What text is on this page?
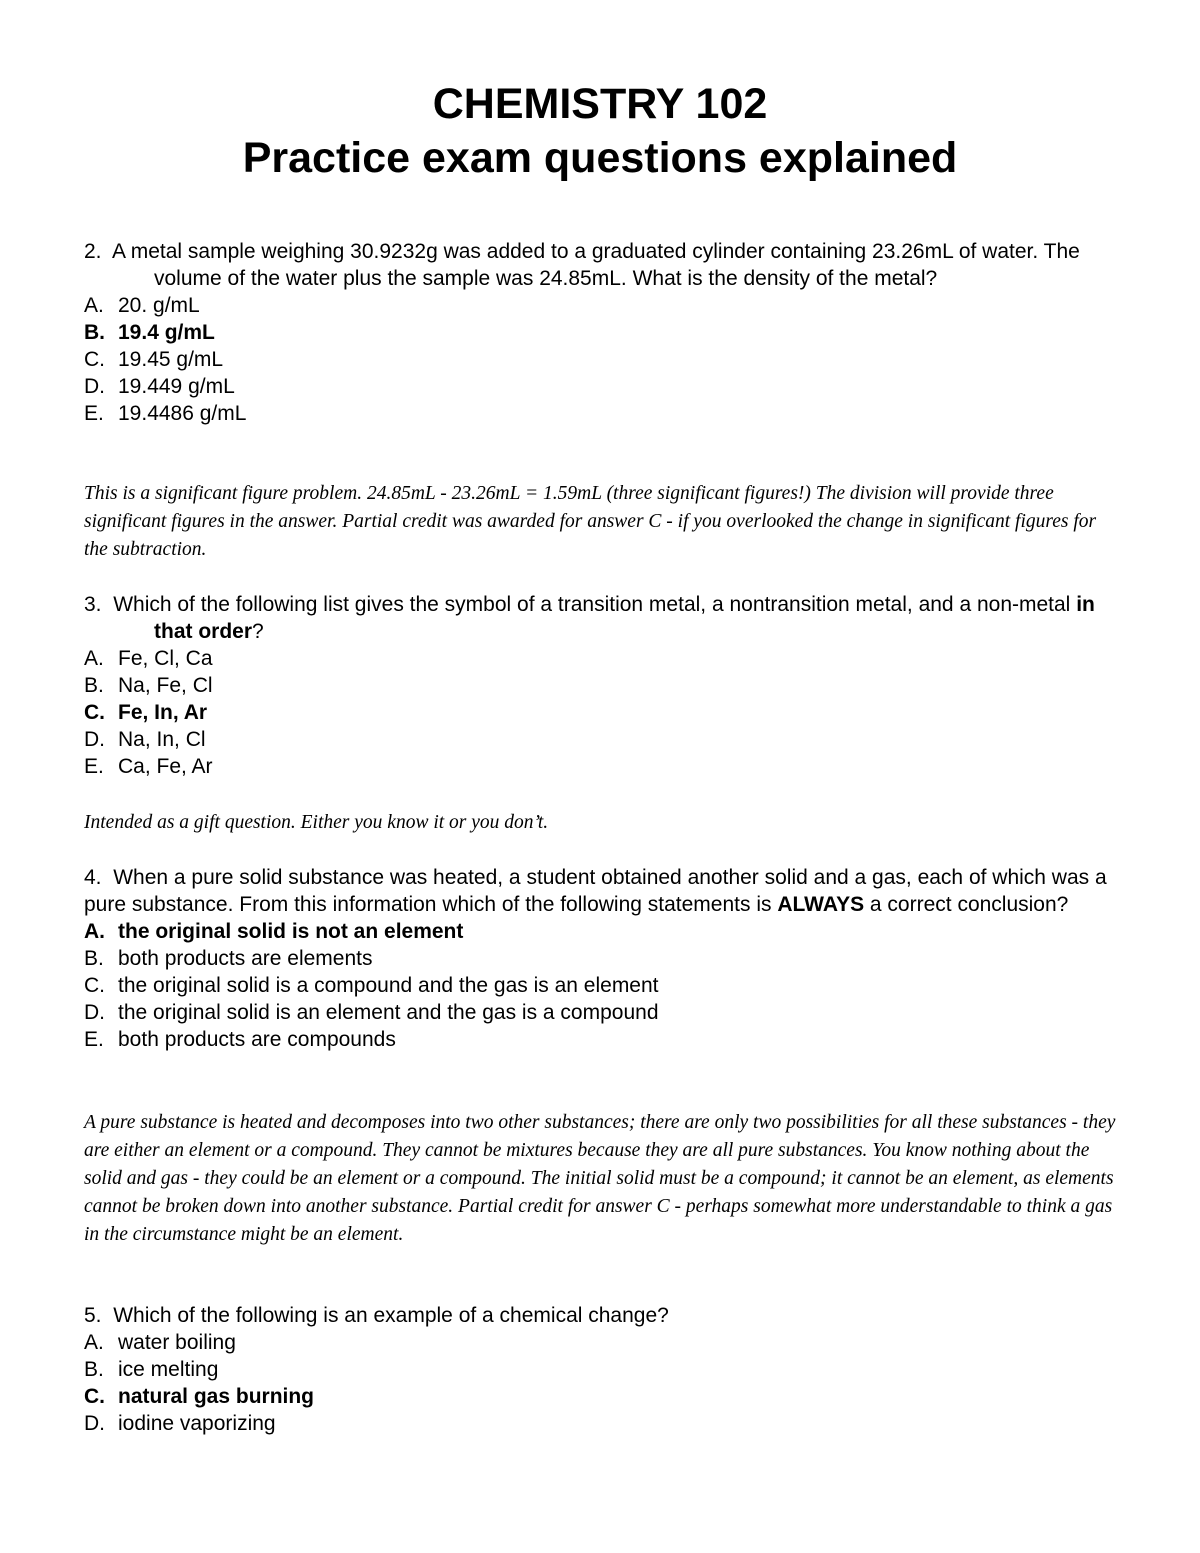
CHEMISTRY 102
Practice exam questions explained
2. A metal sample weighing 30.9232g was added to a graduated cylinder containing 23.26mL of water. The volume of the water plus the sample was 24.85mL. What is the density of the metal?
A. 20. g/mL
B. 19.4 g/mL
C. 19.45 g/mL
D. 19.449 g/mL
E. 19.4486 g/mL
This is a significant figure problem. 24.85mL - 23.26mL = 1.59mL (three significant figures!) The division will provide three significant figures in the answer. Partial credit was awarded for answer C - if you overlooked the change in significant figures for the subtraction.
3. Which of the following list gives the symbol of a transition metal, a nontransition metal, and a non-metal in that order?
A. Fe, Cl, Ca
B. Na, Fe, Cl
C. Fe, In, Ar
D. Na, In, Cl
E. Ca, Fe, Ar
Intended as a gift question. Either you know it or you don’t.
4. When a pure solid substance was heated, a student obtained another solid and a gas, each of which was a pure substance. From this information which of the following statements is ALWAYS a correct conclusion?
A. the original solid is not an element
B. both products are elements
C. the original solid is a compound and the gas is an element
D. the original solid is an element and the gas is a compound
E. both products are compounds
A pure substance is heated and decomposes into two other substances; there are only two possibilities for all these substances - they are either an element or a compound. They cannot be mixtures because they are all pure substances. You know nothing about the solid and gas - they could be an element or a compound. The initial solid must be a compound; it cannot be an element, as elements cannot be broken down into another substance. Partial credit for answer C - perhaps somewhat more understandable to think a gas in the circumstance might be an element.
5. Which of the following is an example of a chemical change?
A. water boiling
B. ice melting
C. natural gas burning
D. iodine vaporizing
